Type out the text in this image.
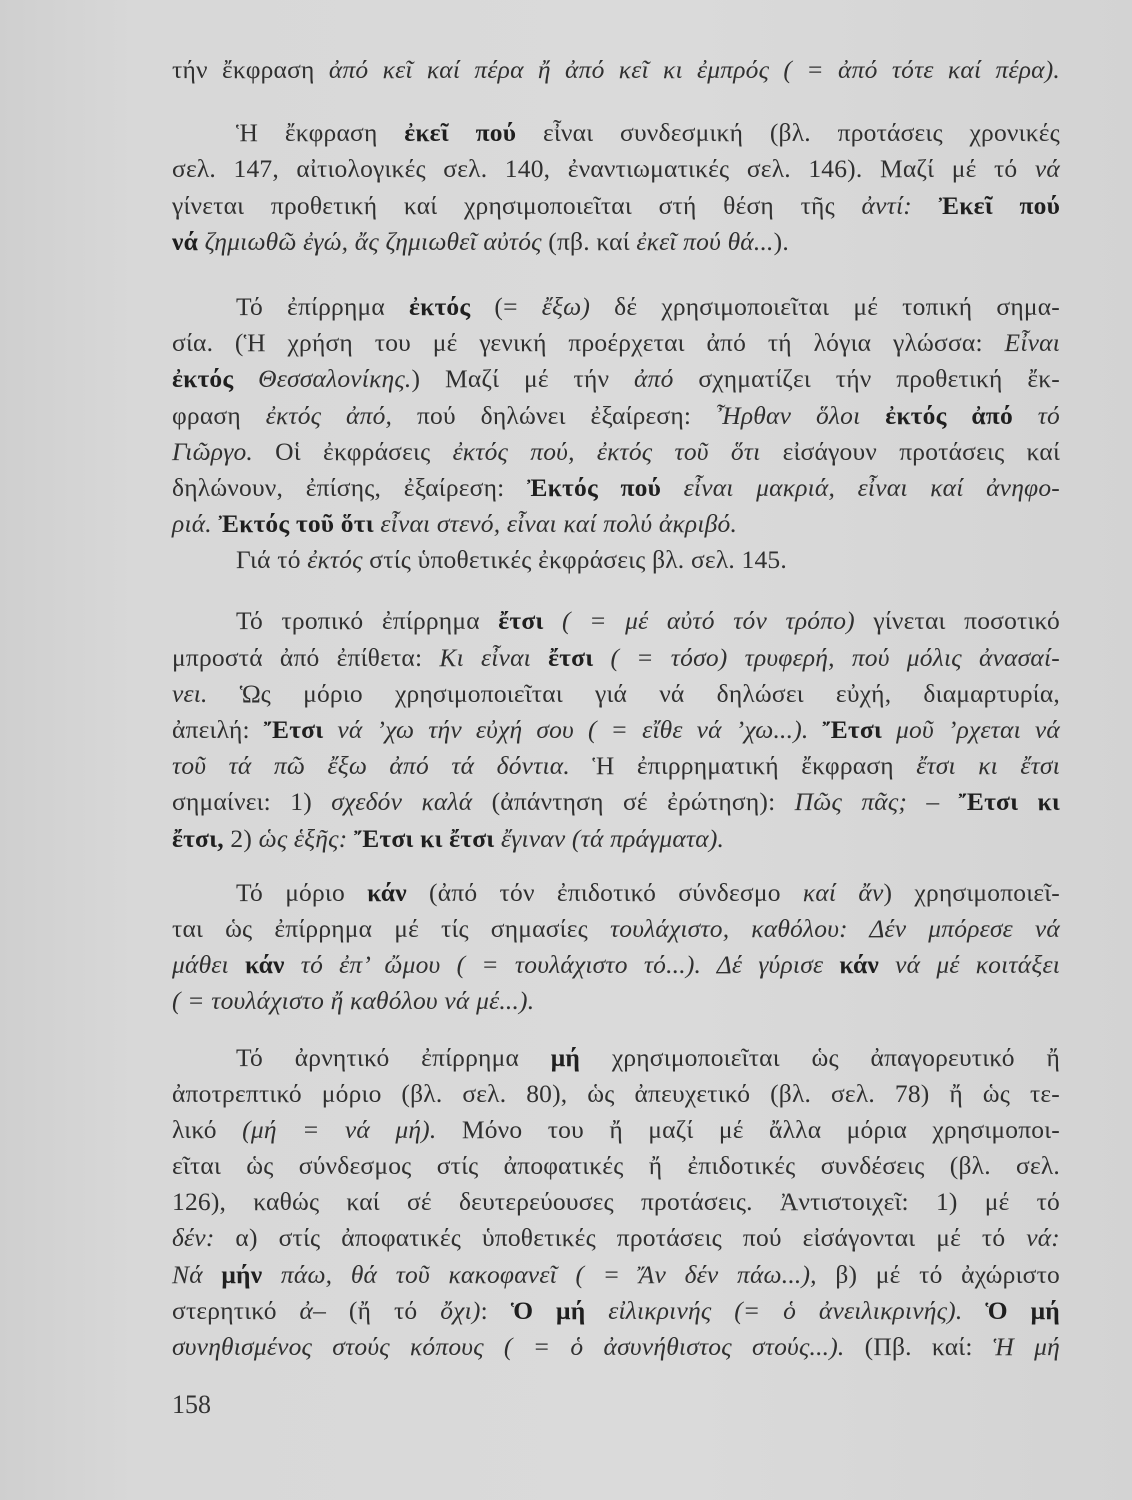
τήν ἔκφραση ἀπό κεῖ καί πέρα ἤ ἀπό κεῖ κι ἐμπρός ( = ἀπό τότε καί πέρα).
Ἡ ἔκφραση ἐκεῖ πού εἶναι συνδεσμική (βλ. προτάσεις χρονικές
σελ. 147, αἰτιολογικές σελ. 140, ἐναντιωματικές σελ. 146). Μαζί μέ τό νά
γίνεται προθετική καί χρησιμοποιεῖται στή θέση τῆς ἀντί: Ἐκεῖ πού
νά ζημιωθῶ ἐγώ, ἄς ζημιωθεῖ αὐτός (πβ. καί ἐκεῖ πού θά...).
Τό ἐπίρρημα ἐκτός (= ἔξω) δέ χρησιμοποιεῖται μέ τοπική σημα-
σία. (Ἡ χρήση του μέ γενική προέρχεται ἀπό τή λόγια γλώσσα: Εἶναι
ἐκτός Θεσσαλονίκης.) Μαζί μέ τήν ἀπό σχηματίζει τήν προθετική ἔκ-
φραση ἐκτός ἀπό, πού δηλώνει ἐξαίρεση: Ἦρθαν ὅλοι ἐκτός ἀπό τό
Γιῶργο. Οἱ ἐκφράσεις ἐκτός πού, ἐκτός τοῦ ὅτι εἰσάγουν προτάσεις καί
δηλώνουν, ἐπίσης, ἐξαίρεση: Ἐκτός πού εἶναι μακριά, εἶναι καί ἀνηφο-
ριά. Ἐκτός τοῦ ὅτι εἶναι στενό, εἶναι καί πολύ ἀκριβό.
Γιά τό ἐκτός στίς ὑποθετικές ἐκφράσεις βλ. σελ. 145.
Τό τροπικό ἐπίρρημα ἔτσι ( = μέ αὐτό τόν τρόπο) γίνεται ποσοτικό
μπροστά ἀπό ἐπίθετα: Κι εἶναι ἔτσι ( = τόσο) τρυφερή, πού μόλις ἀνασαί-
νει. Ὡς μόριο χρησιμοποιεῖται γιά νά δηλώσει εὐχή, διαμαρτυρία,
ἀπειλή: Ἔτσι νά ’χω τήν εὐχή σου ( = εἴθε νά ’χω...). Ἔτσι μοῦ ’ρχεται νά
τοῦ τά πῶ ἔξω ἀπό τά δόντια. Ἡ ἐπιρρηματική ἔκφραση ἔτσι κι ἔτσι
σημαίνει: 1) σχεδόν καλά (ἀπάντηση σέ ἐρώτηση): Πῶς πᾶς; – Ἔτσι κι
ἔτσι, 2) ὡς ἑξῆς: Ἔτσι κι ἔτσι ἔγιναν (τά πράγματα).
Τό μόριο κάν (ἀπό τόν ἐπιδοτικό σύνδεσμο καί ἄν) χρησιμοποιεῖ-
ται ὡς ἐπίρρημα μέ τίς σημασίες τουλάχιστο, καθόλου: Δέν μπόρεσε νά
μάθει κάν τό ἐπ’ ὤμου ( = τουλάχιστο τό...). Δέ γύρισε κάν νά μέ κοιτάξει
( = τουλάχιστο ἤ καθόλου νά μέ...).
Τό ἀρνητικό ἐπίρρημα μή χρησιμοποιεῖται ὡς ἀπαγορευτικό ἤ
ἀποτρεπτικό μόριο (βλ. σελ. 80), ὡς ἀπευχετικό (βλ. σελ. 78) ἤ ὡς τε-
λικό (μή = νά μή). Μόνο του ἤ μαζί μέ ἄλλα μόρια χρησιμοποι-
εῖται ὡς σύνδεσμος στίς ἀποφατικές ἤ ἐπιδοτικές συνδέσεις (βλ. σελ.
126), καθώς καί σέ δευτερεύουσες προτάσεις. Ἀντιστοιχεῖ: 1) μέ τό
δέν: α) στίς ἀποφατικές ὑποθετικές προτάσεις πού εἰσάγονται μέ τό νά:
Νά μήν πάω, θά τοῦ κακοφανεῖ ( = Ἄν δέν πάω...), β) μέ τό ἀχώριστο
στερητικό ἀ– (ἤ τό ὄχι): Ὁ μή εἰλικρινής (= ὁ ἀνειλικρινής). Ὁ μή
συνηθισμένος στούς κόπους ( = ὁ ἀσυνήθιστος στούς...). (Πβ. καί: Ἡ μή
158
